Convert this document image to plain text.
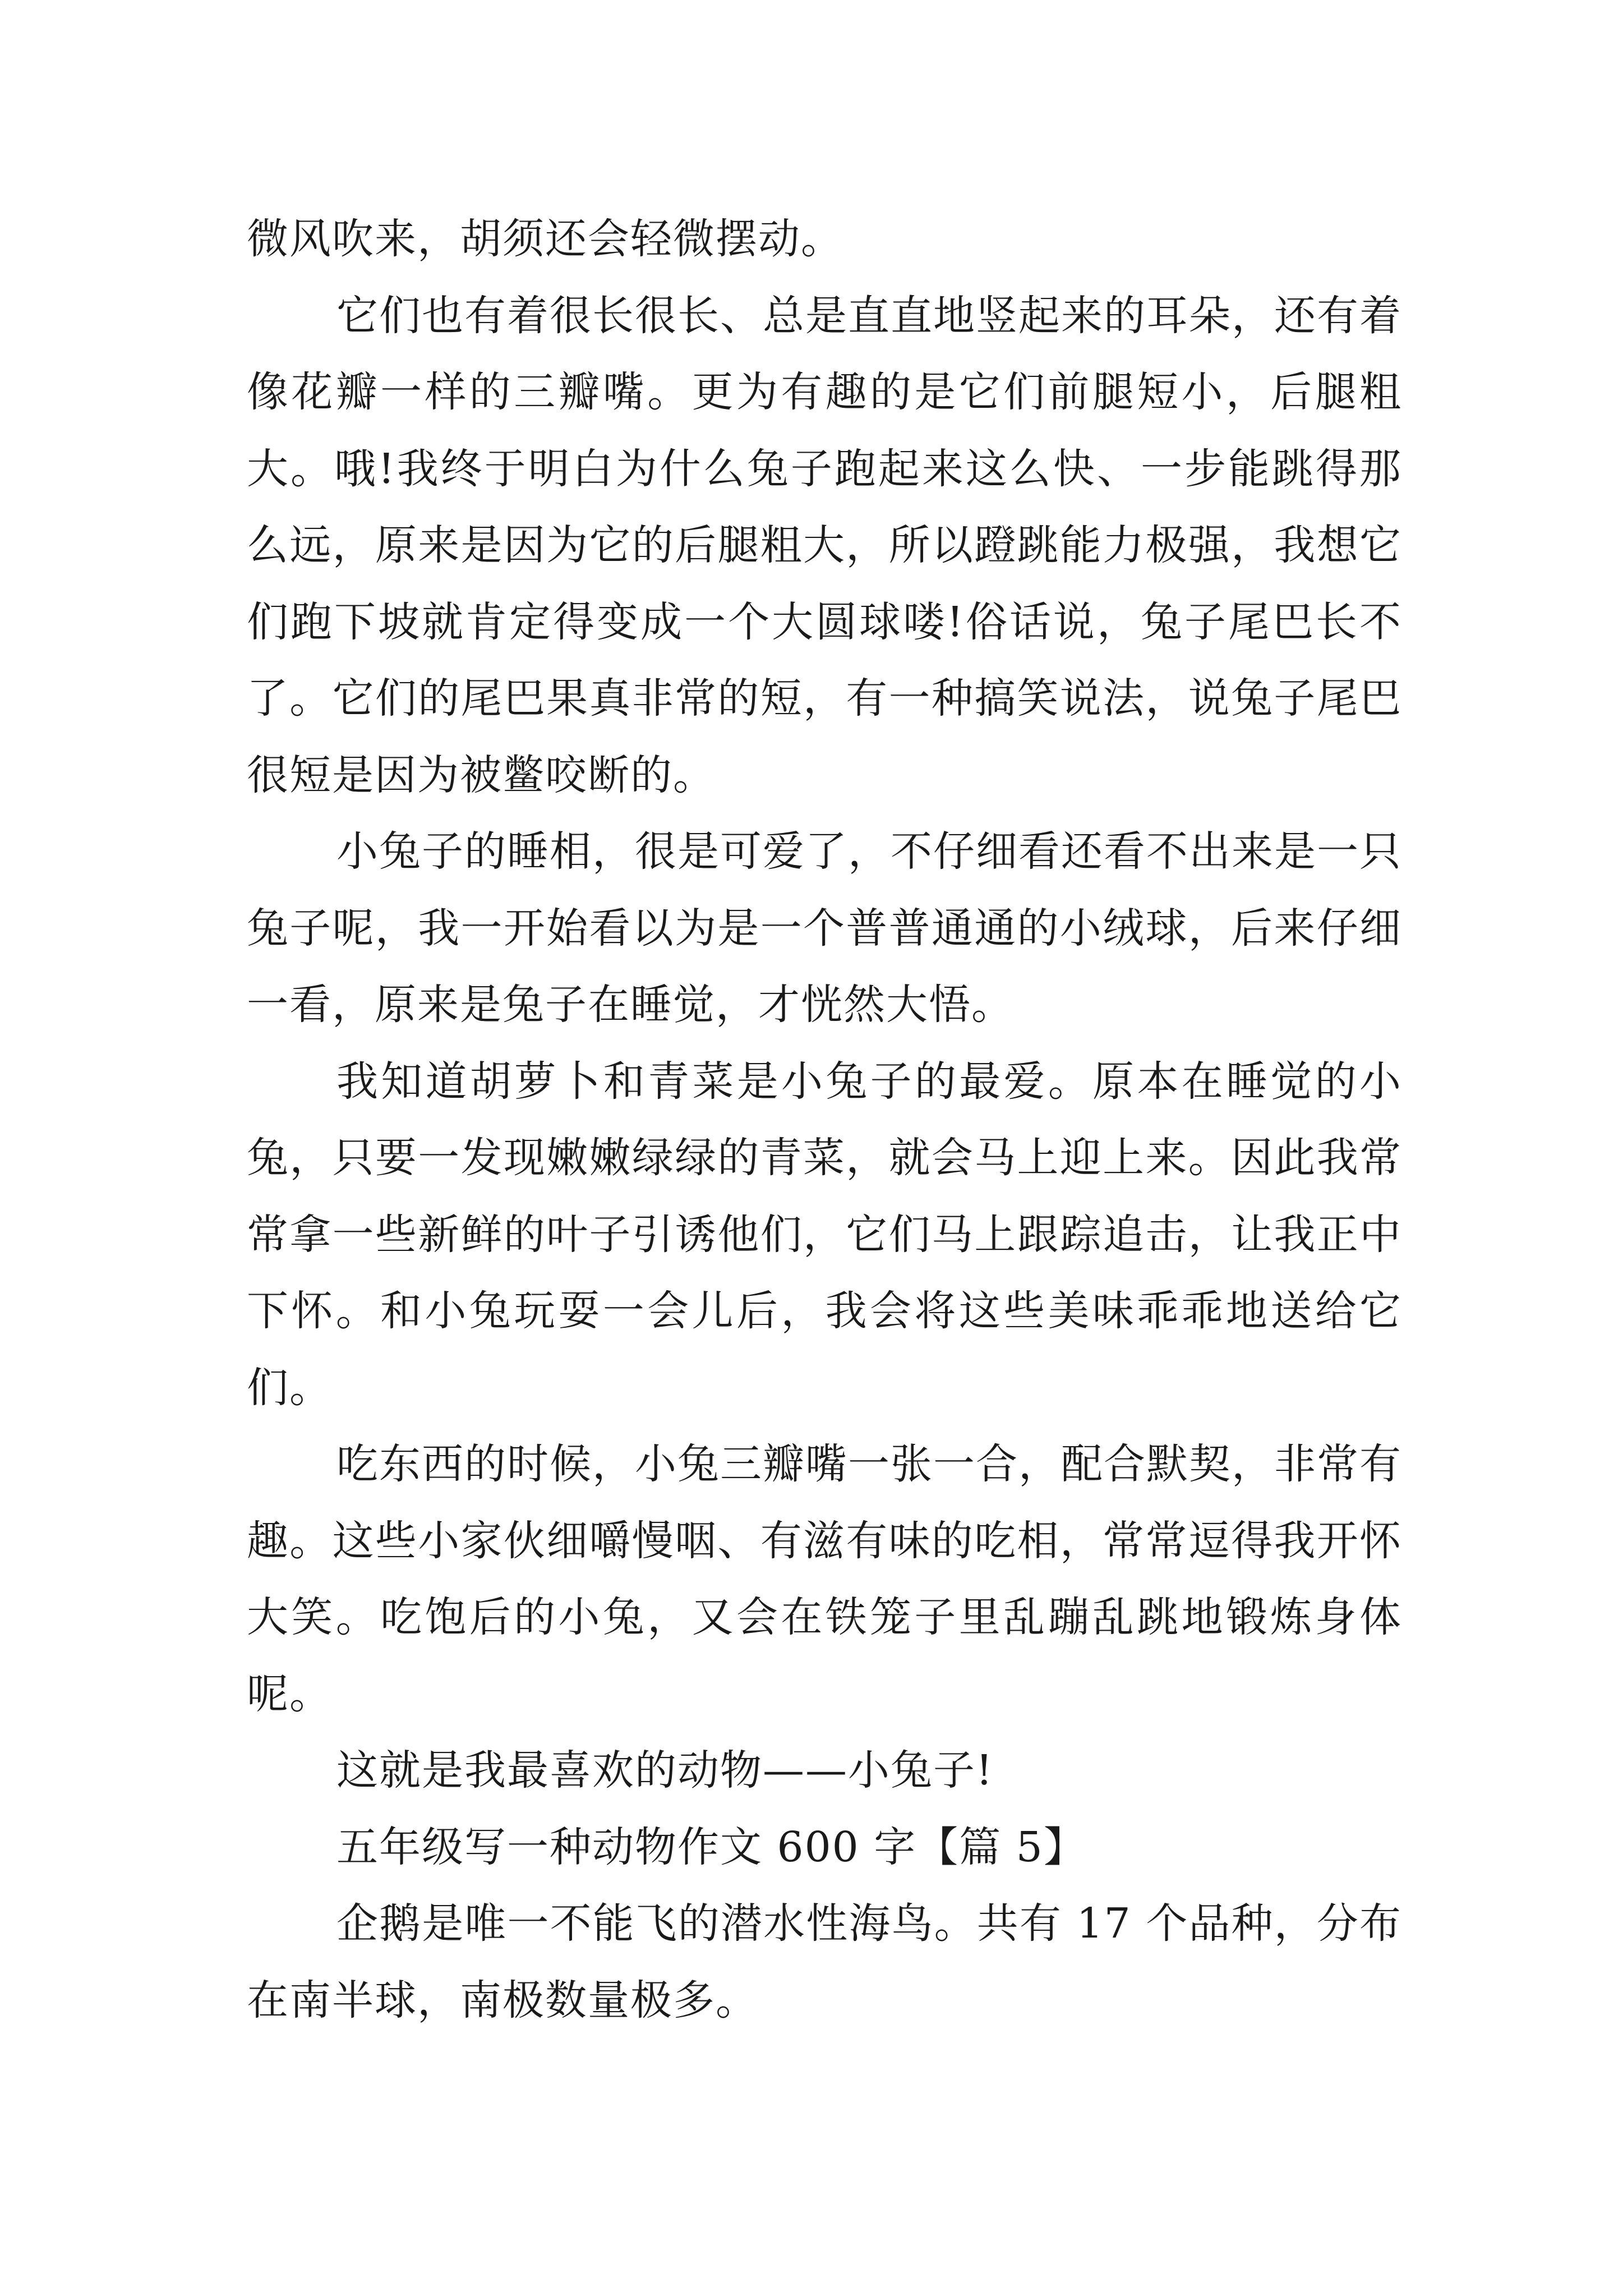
微风吹来，胡须还会轻微摆动。

它们也有着很长很长、总是直直地竖起来的耳朵，还有着像花瓣一样的三瓣嘴。更为有趣的是它们前腿短小，后腿粗大。哦!我终于明白为什么兔子跑起来这么快、一步能跳得那么远，原来是因为它的后腿粗大，所以蹬跳能力极强，我想它们跑下坡就肯定得变成一个大圆球喽!俗话说，兔子尾巴长不了。它们的尾巴果真非常的短，有一种搞笑说法，说兔子尾巴很短是因为被鳖咬断的。

小兔子的睡相，很是可爱了，不仔细看还看不出来是一只兔子呢，我一开始看以为是一个普普通通的小绒球，后来仔细一看，原来是兔子在睡觉，才恍然大悟。

我知道胡萝卜和青菜是小兔子的最爱。原本在睡觉的小兔，只要一发现嫩嫩绿绿的青菜，就会马上迎上来。因此我常常拿一些新鲜的叶子引诱他们，它们马上跟踪追击，让我正中下怀。和小兔玩耍一会儿后，我会将这些美味乖乖地送给它们。

吃东西的时候，小兔三瓣嘴一张一合，配合默契，非常有趣。这些小家伙细嚼慢咽、有滋有味的吃相，常常逗得我开怀大笑。吃饱后的小兔，又会在铁笼子里乱蹦乱跳地锻炼身体呢。

这就是我最喜欢的动物——小兔子!

五年级写一种动物作文 600 字【篇 5】

企鹅是唯一不能飞的潜水性海鸟。共有 17 个品种，分布在南半球，南极数量极多。
